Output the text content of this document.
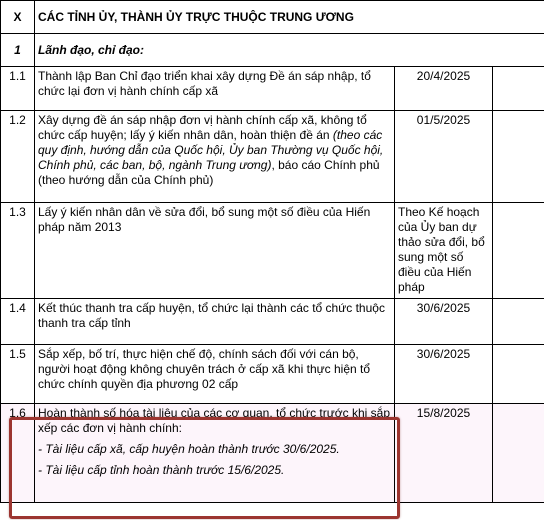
X	CÁC TỈNH ỦY, THÀNH ỦY TRỰC THUỘC TRUNG ƯƠNG		
1	Lãnh đạo, chỉ đạo:		
1.1	Thành lập Ban Chỉ đạo triển khai xây dựng Đề án sáp nhập, tổ chức lại đơn vị hành chính cấp xã	20/4/2025	
1.2	Xây dựng đề án sáp nhập đơn vị hành chính cấp xã, không tổ chức cấp huyện; lấy ý kiến nhân dân, hoàn thiện đề án (theo các quy định, hướng dẫn của Quốc hội, Ủy ban Thường vụ Quốc hội, Chính phủ, các ban, bộ, ngành Trung ương), báo cáo Chính phủ (theo hướng dẫn của Chính phủ)	01/5/2025	
1.3	Lấy ý kiến nhân dân về sửa đổi, bổ sung một số điều của Hiến pháp năm 2013	Theo Kế hoạch của Ủy ban dự thảo sửa đổi, bổ sung một số điều của Hiến pháp	
1.4	Kết thúc thanh tra cấp huyện, tổ chức lại thành các tổ chức thuộc thanh tra cấp tỉnh	30/6/2025	
1.5	Sắp xếp, bố trí, thực hiện chế độ, chính sách đối với cán bộ, người hoạt động không chuyên trách ở cấp xã khi thực hiện tổ chức chính quyền địa phương 02 cấp	30/6/2025	
1.6	Hoàn thành số hóa tài liệu của các cơ quan, tổ chức trước khi sắp xếp các đơn vị hành chính:
- Tài liệu cấp xã, cấp huyện hoàn thành trước 30/6/2025.
- Tài liệu cấp tỉnh hoàn thành trước 15/6/2025.	15/8/2025	
